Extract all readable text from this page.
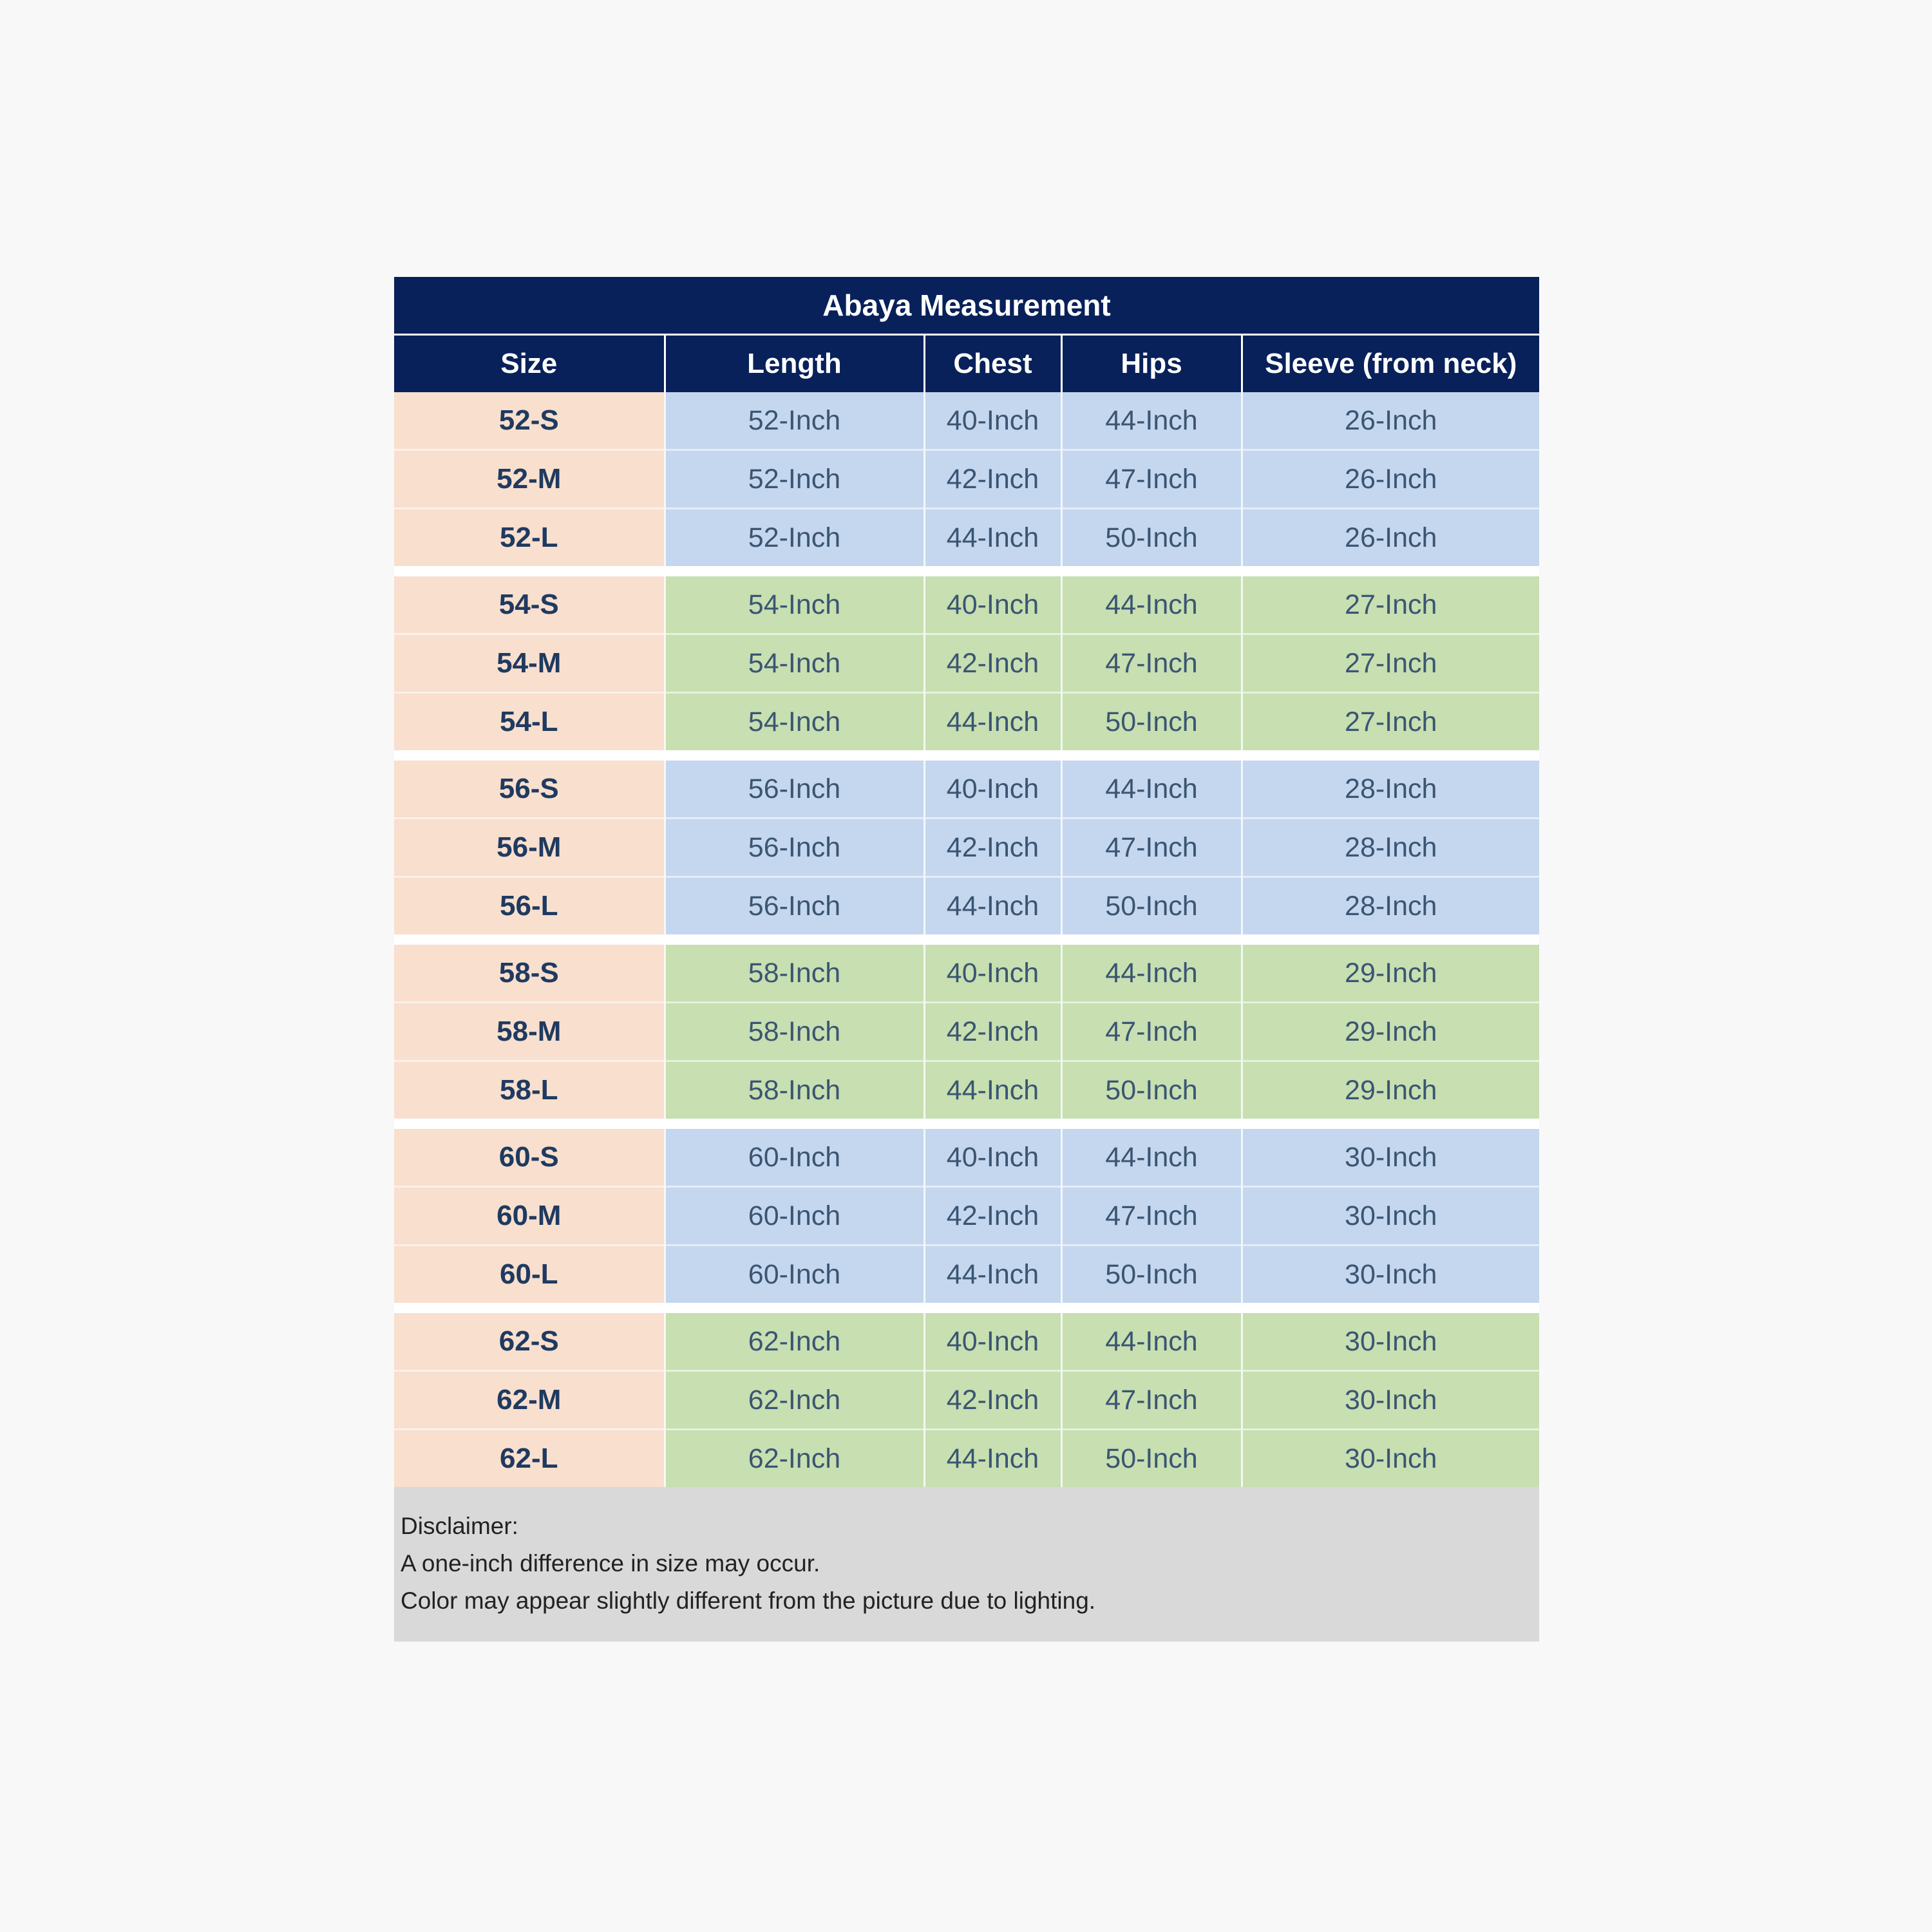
Abaya Measurement
Size	Length	Chest	Hips	Sleeve (from neck)
52-S	52-Inch	40-Inch	44-Inch	26-Inch
52-M	52-Inch	42-Inch	47-Inch	26-Inch
52-L	52-Inch	44-Inch	50-Inch	26-Inch
54-S	54-Inch	40-Inch	44-Inch	27-Inch
54-M	54-Inch	42-Inch	47-Inch	27-Inch
54-L	54-Inch	44-Inch	50-Inch	27-Inch
56-S	56-Inch	40-Inch	44-Inch	28-Inch
56-M	56-Inch	42-Inch	47-Inch	28-Inch
56-L	56-Inch	44-Inch	50-Inch	28-Inch
58-S	58-Inch	40-Inch	44-Inch	29-Inch
58-M	58-Inch	42-Inch	47-Inch	29-Inch
58-L	58-Inch	44-Inch	50-Inch	29-Inch
60-S	60-Inch	40-Inch	44-Inch	30-Inch
60-M	60-Inch	42-Inch	47-Inch	30-Inch
60-L	60-Inch	44-Inch	50-Inch	30-Inch
62-S	62-Inch	40-Inch	44-Inch	30-Inch
62-M	62-Inch	42-Inch	47-Inch	30-Inch
62-L	62-Inch	44-Inch	50-Inch	30-Inch
Disclaimer:
A one-inch difference in size may occur.
Color may appear slightly different from the picture due to lighting.
